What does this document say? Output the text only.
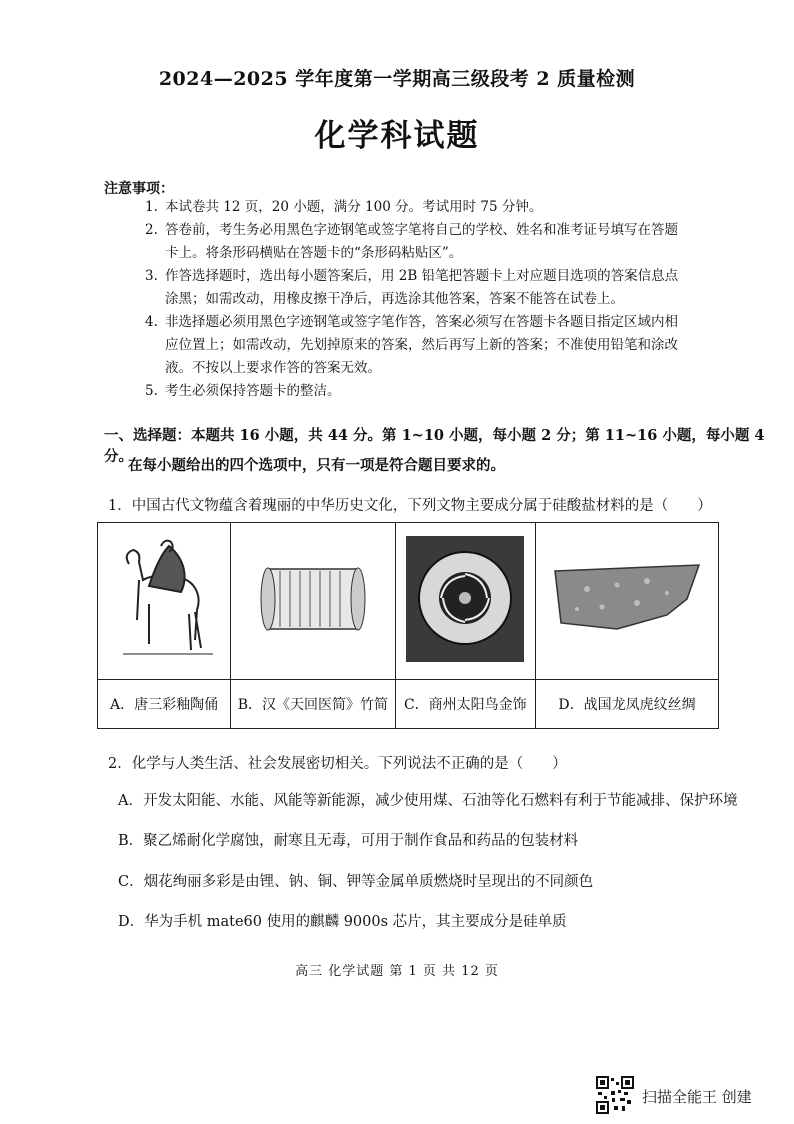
2024—2025 学年度第一学期高三级段考 2 质量检测
化学科试题
注意事项：
1. 本试卷共 12 页，20 小题，满分 100 分。考试用时 75 分钟。
2. 答卷前，考生务必用黑色字迹钢笔或签字笔将自己的学校、姓名和准考证号填写在答题
卡上。将条形码横贴在答题卡的“条形码粘贴区”。
3. 作答选择题时，选出每小题答案后，用 2B 铅笔把答题卡上对应题目选项的答案信息点
涂黑；如需改动，用橡皮擦干净后，再选涂其他答案，答案不能答在试卷上。
4. 非选择题必须用黑色字迹钢笔或签字笔作答，答案必须写在答题卡各题目指定区域内相
应位置上；如需改动，先划掉原来的答案，然后再写上新的答案；不准使用铅笔和涂改
液。不按以上要求作答的答案无效。
5. 考生必须保持答题卡的整洁。
一、选择题：本题共 16 小题，共 44 分。第 1~10 小题，每小题 2 分；第 11~16 小题，每小题 4 分。
在每小题给出的四个选项中，只有一项是符合题目要求的。
1．中国古代文物蕴含着瑰丽的中华历史文化，下列文物主要成分属于硅酸盐材料的是（　　）

A．唐三彩釉陶俑	B．汉《天回医简》竹简	C．商州太阳鸟金饰	D．战国龙凤虎纹丝绸
2．化学与人类生活、社会发展密切相关。下列说法不正确的是（　　）
A．开发太阳能、水能、风能等新能源，减少使用煤、石油等化石燃料有利于节能减排、保护环境
B．聚乙烯耐化学腐蚀，耐寒且无毒，可用于制作食品和药品的包装材料
C．烟花绚丽多彩是由锂、钠、铜、钾等金属单质燃烧时呈现出的不同颜色
D．华为手机 mate60 使用的麒麟 9000s 芯片，其主要成分是硅单质
高三 化学试题 第 1 页 共 12 页
扫描全能王 创建
